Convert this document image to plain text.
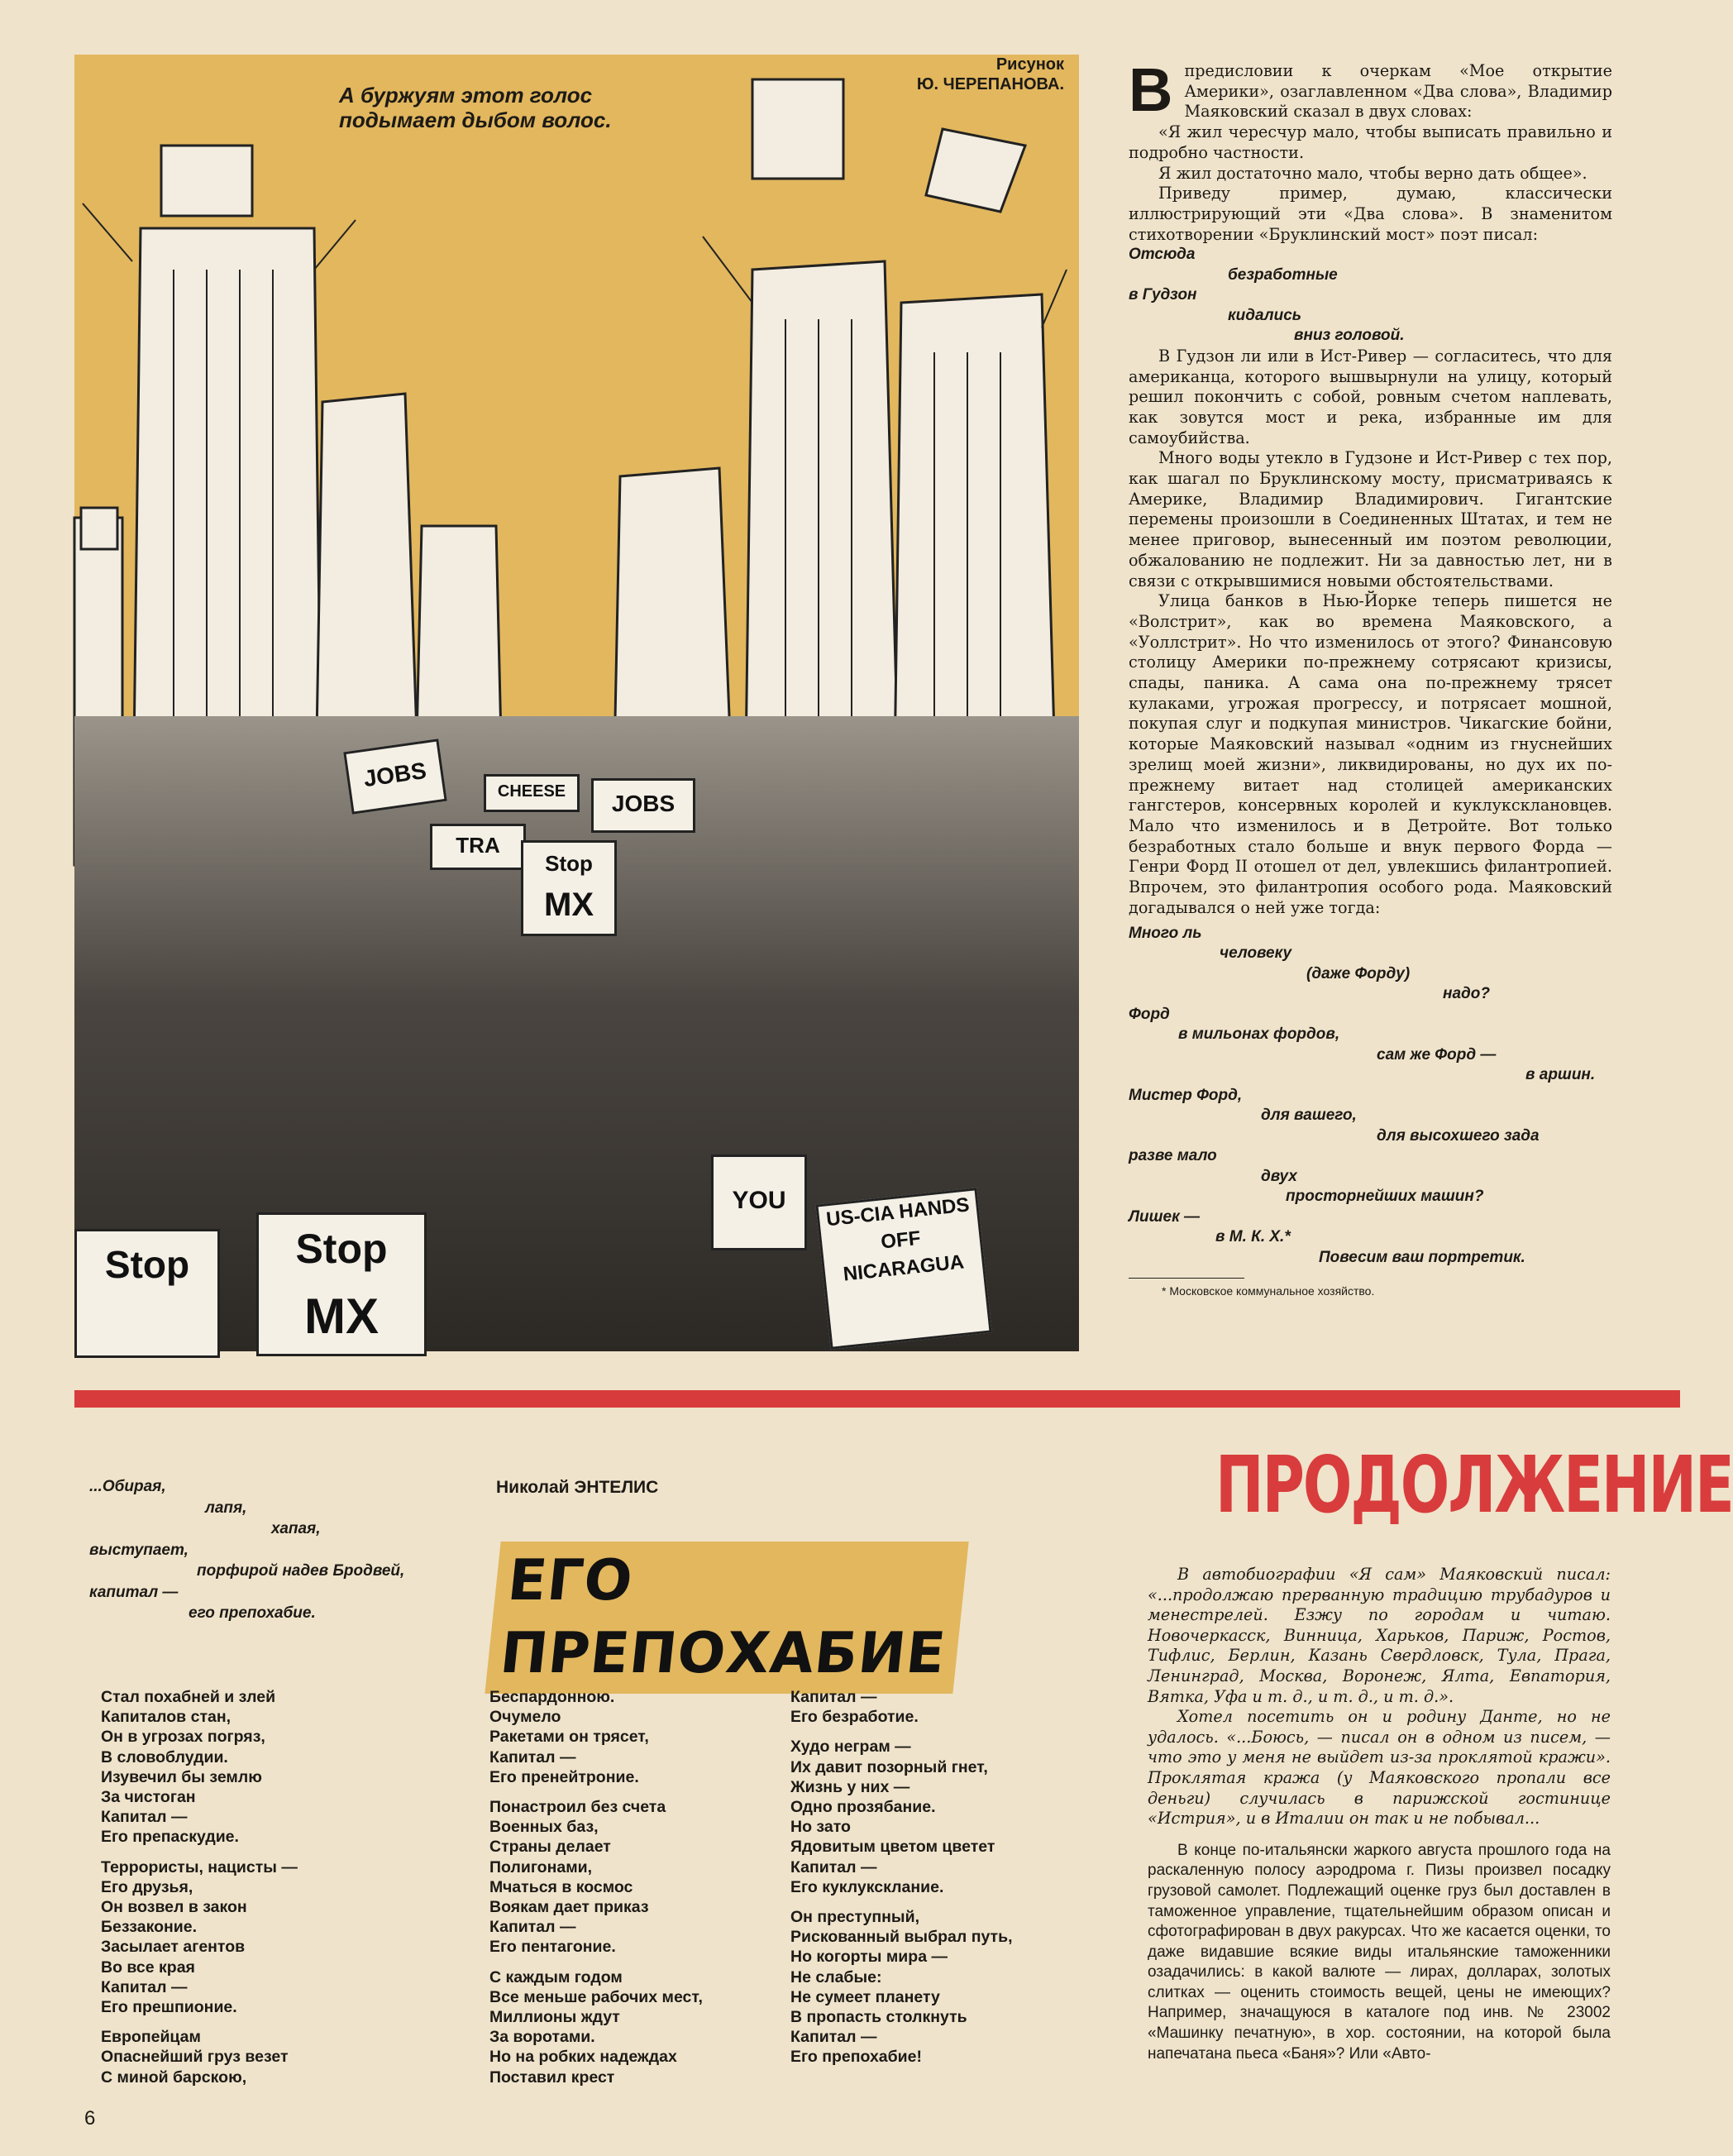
JOBS
JOBS
CHEESE
TRA
Stop
MX
Stop	Stop
MX
US-CIA HANDS OFF NICARAGUA
YOU
А буржуям этот голос
подымает дыбом волос.
Рисунок
Ю. ЧЕРЕПАНОВА. Впредисловии к очеркам «Мое открытие Америки», озаглавленном «Два слова», Владимир Маяковский сказал в двух словах:

«Я жил чересчур мало, чтобы выписать правильно и подробно частности.

Я жил достаточно мало, чтобы верно дать общее».

Приведу пример, думаю, классически иллюстрирующий эти «Два слова». В знаменитом стихотворении «Бруклинский мост» поэт писал:

Отсюда
безработные
в Гудзон
кидались
вниз головой.

В Гудзон ли или в Ист-Ривер — согласитесь, что для американца, которого вышвырнули на улицу, который решил покончить с собой, ровным счетом наплевать, как зовутся мост и река, избранные им для самоубийства.

Много воды утекло в Гудзоне и Ист-Ривер с тех пор, как шагал по Бруклинскому мосту, присматриваясь к Америке, Владимир Владимирович. Гигантские перемены произошли в Соединенных Штатах, и тем не менее приговор, вынесенный им поэтом революции, обжалованию не подлежит. Ни за давностью лет, ни в связи с открывшимися новыми обстоятельствами.

Улица банков в Нью-Йорке теперь пишется не «Волстрит», как во времена Маяковского, а «Уоллстрит». Но что изменилось от этого? Финансовую столицу Америки по-прежнему сотрясают кризисы, спады, паника. А сама она по-прежнему трясет кулаками, угрожая прогрессу, и потрясает мошной, покупая слуг и подкупая министров. Чикагские бойни, которые Маяковский называл «одним из гнуснейших зрелищ моей жизни», ликвидированы, но дух их по-прежнему витает над столицей американских гангстеров, консервных королей и куклуксклановцев. Мало что изменилось и в Детройте. Вот только безработных стало больше и внук первого Форда — Генри Форд II отошел от дел, увлекшись филантропией. Впрочем, это филантропия особого рода. Маяковский догадывался о ней уже тогда:

Много ль
человеку
(даже Форду)
надо?
Форд
в мильонах фордов,
сам же Форд —
в аршин.
Мистер Форд,
для вашего,
для высохшего зада
разве мало
двух
просторнейших машин?
Лишек —
в М. К. Х.*
Повесим ваш портретик.
* Московское коммунальное хозяйство.
...Обирая,
лапя,
хапая,
выступает,
порфирой надев Бродвей,
капитал —
его препохабие.
Николай ЭНТЕЛИС
ЕГО ПРЕПОХАБИЕ
Стал похабней и злей
Капиталов стан,
Он в угрозах погряз,
В словоблудии.
Изувечил бы землю
За чистоган
Капитал —
Его препаскудие.
Террористы, нацисты —
Его друзья,
Он возвел в закон
Беззаконие.
Засылает агентов
Во все края
Капитал —
Его прешпионие.
Европейцам
Опаснейший груз везет
С миной барскою,
Беспардонною.
Очумело
Ракетами он трясет,
Капитал —
Его пренейтроние.
Понастроил без счета
Военных баз,
Страны делает
Полигонами,
Мчаться в космос
Воякам дает приказ
Капитал —
Его пентагоние.
С каждым годом
Все меньше рабочих мест,
Миллионы ждут
За воротами.
Но на робких надеждах
Поставил крест
Капитал —
Его безработие.
Худо неграм —
Их давит позорный гнет,
Жизнь у них —
Одно прозябание.
Но зато
Ядовитым цветом цветет
Капитал —
Его куклуксклание.
Он преступный,
Рискованный выбрал путь,
Но когорты мира —
Не слабые:
Не сумеет планету
В пропасть столкнуть
Капитал —
Его препохабие!
ПРОДОЛЖЕНИЕ

В автобиографии «Я сам» Маяковский писал: «...продолжаю прерванную традицию трубадуров и менестрелей. Езжу по городам и читаю. Новочеркасск, Винница, Харьков, Париж, Ростов, Тифлис, Берлин, Казань Свердловск, Тула, Прага, Ленинград, Москва, Воронеж, Ялта, Евпатория, Вятка, Уфа и т. д., и т. д., и т. д.».

Хотел посетить он и родину Данте, но не удалось. «...Боюсь, — писал он в одном из писем, — что это у меня не выйдет из-за проклятой кражи». Проклятая кража (у Маяковского пропали все деньги) случилась в парижской гостинице «Истрия», и в Италии он так и не побывал...

В конце по-итальянски жаркого августа прошлого года на раскаленную полосу аэродрома г. Пизы произвел посадку грузовой самолет. Подлежащий оценке груз был доставлен в таможенное управление, тщательнейшим образом описан и сфотографирован в двух ракурсах. Что же касается оценки, то даже видавшие всякие виды итальянские таможенники озадачились: в какой валюте — лирах, долларах, золотых слитках — оценить стоимость вещей, цены не имеющих? Например, значащуюся в каталоге под инв. № 23002 «Машинку печатную», в хор. состоянии, на которой была напечатана пьеса «Баня»? Или «Авто-

6
